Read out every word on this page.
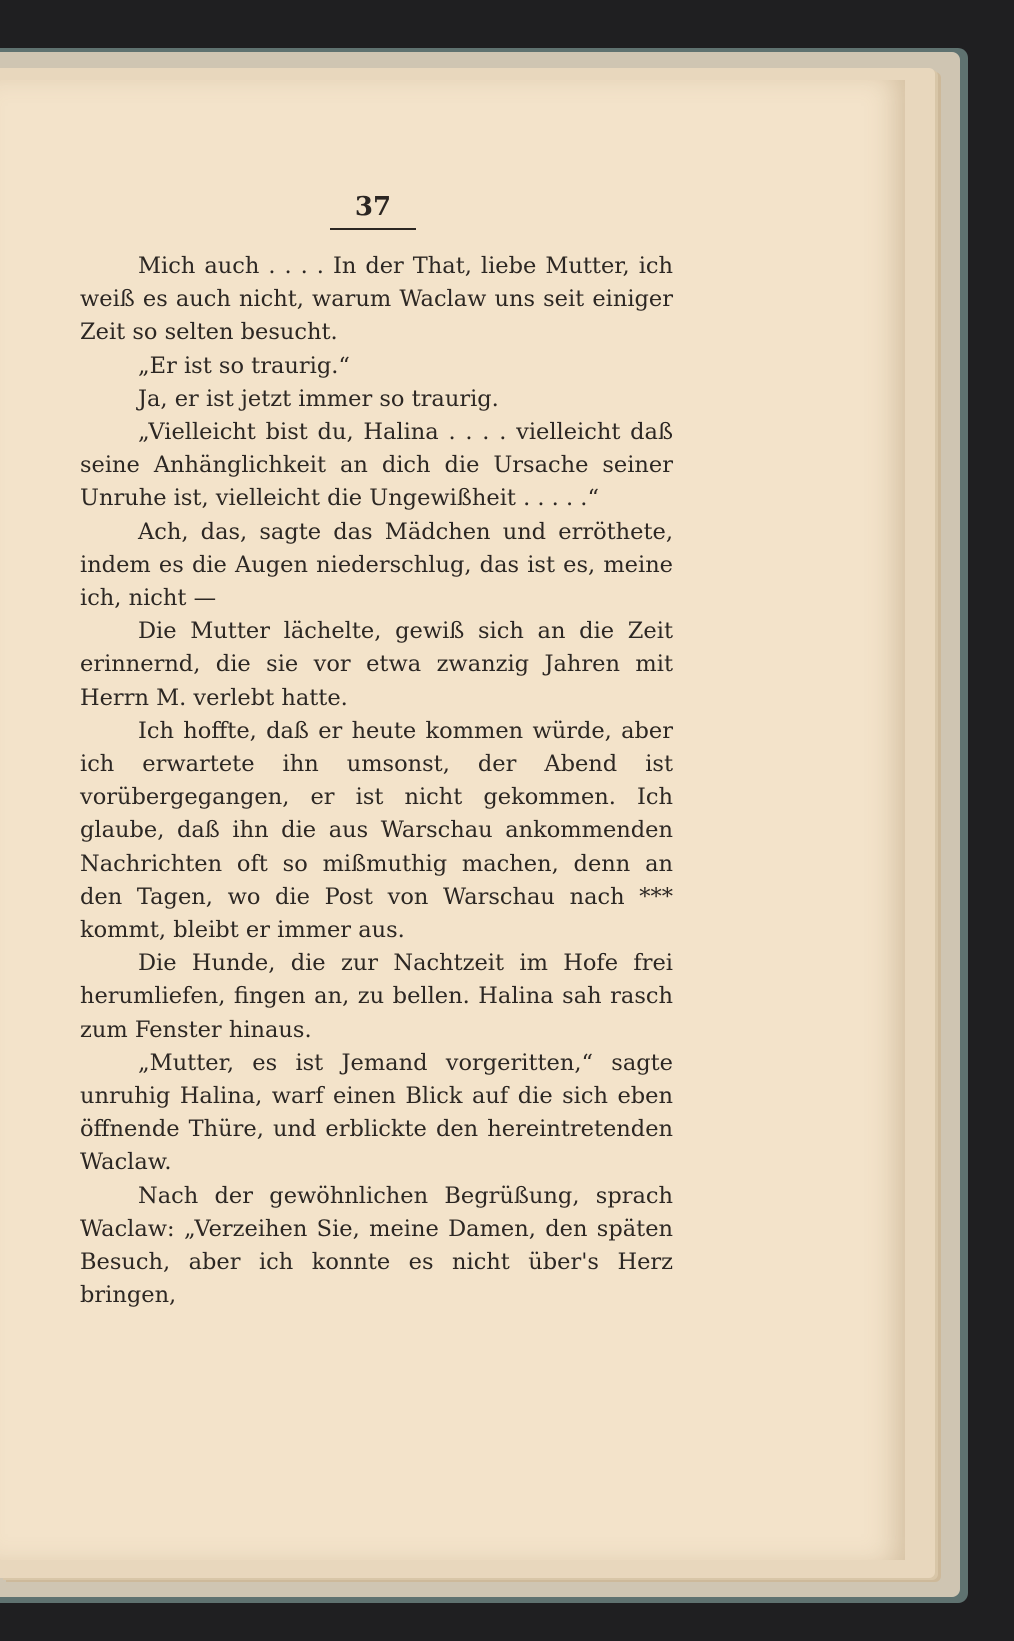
37

Mich auch . . . . In der That, liebe Mutter, ich weiß es auch nicht, warum Waclaw uns seit einiger Zeit so selten besucht.

„Er ist so traurig.“

Ja, er ist jetzt immer so traurig.

„Vielleicht bist du, Halina . . . . vielleicht daß seine Anhänglichkeit an dich die Ursache seiner Unruhe ist, vielleicht die Ungewißheit . . . . .“

Ach, das, sagte das Mädchen und erröthete, indem es die Augen niederschlug, das ist es, meine ich, nicht —

Die Mutter lächelte, gewiß sich an die Zeit erinnernd, die sie vor etwa zwanzig Jahren mit Herrn M. verlebt hatte.

Ich hoffte, daß er heute kommen würde, aber ich erwartete ihn umsonst, der Abend ist vorübergegangen, er ist nicht gekommen. Ich glaube, daß ihn die aus Warschau ankommenden Nachrichten oft so mißmuthig machen, denn an den Tagen, wo die Post von Warschau nach *** kommt, bleibt er immer aus.

Die Hunde, die zur Nachtzeit im Hofe frei herumliefen, fingen an, zu bellen. Halina sah rasch zum Fenster hinaus.

„Mutter, es ist Jemand vorgeritten,“ sagte unruhig Halina, warf einen Blick auf die sich eben öffnende Thüre, und erblickte den hereintretenden Waclaw.

Nach der gewöhnlichen Begrüßung, sprach Waclaw: „Verzeihen Sie, meine Damen, den späten Besuch, aber ich konnte es nicht über's Herz bringen,
